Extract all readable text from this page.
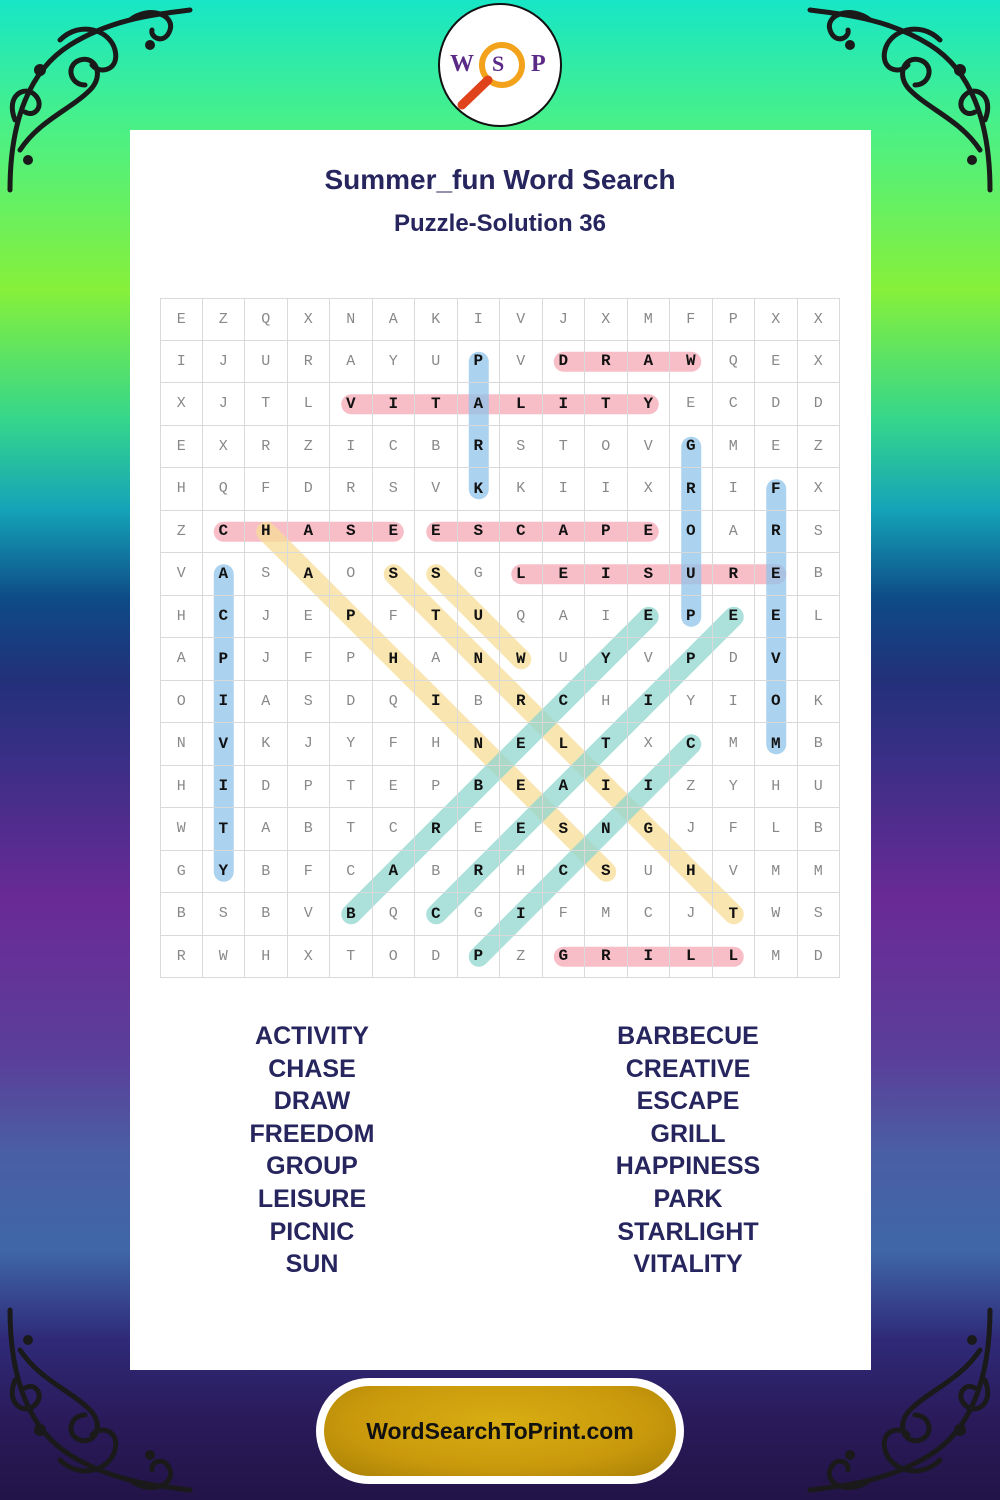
W S P
Summer_fun Word Search
Puzzle-Solution 36
E	Z	Q	X	N	A	K	I	V	J	X	M	F	P	X	X
I	J	U	R	A	Y	U	P	V	D	R	A	W	Q	E	X
X	J	T	L	V	I	T	A	L	I	T	Y	E	C	D	D
E	X	R	Z	I	C	B	R	S	T	O	V	G	M	E	Z
H	Q	F	D	R	S	V	K	K	I	I	X	R	I	F	X
Z	C	H	A	S	E	E	S	C	A	P	E	O	A	R	S
V	A	S	A	O	S	S	G	L	E	I	S	U	R	E	B
H	C	J	E	P	F	T	U	Q	A	I	E	P	E	E	L
A	P	J	F	P	H	A	N	W	U	Y	V	P	D	V
O	I	A	S	D	Q	I	B	R	C	H	I	Y	I	O	K
N	V	K	J	Y	F	H	N	E	L	T	X	C	M	M	B
H	I	D	P	T	E	P	B	E	A	I	I	Z	Y	H	U
W	T	A	B	T	C	R	E	E	S	N	G	J	F	L	B
G	Y	B	F	C	A	B	R	H	C	S	U	H	V	M	M
B	S	B	V	B	Q	C	G	I	F	M	C	J	T	W	S
R	W	H	X	T	O	D	P	Z	G	R	I	L	L	M	D
ACTIVITY
CHASE
DRAW
FREEDOM
GROUP
LEISURE
PICNIC
SUN
BARBECUE
CREATIVE
ESCAPE
GRILL
HAPPINESS
PARK
STARLIGHT
VITALITY
WordSearchToPrint.com
